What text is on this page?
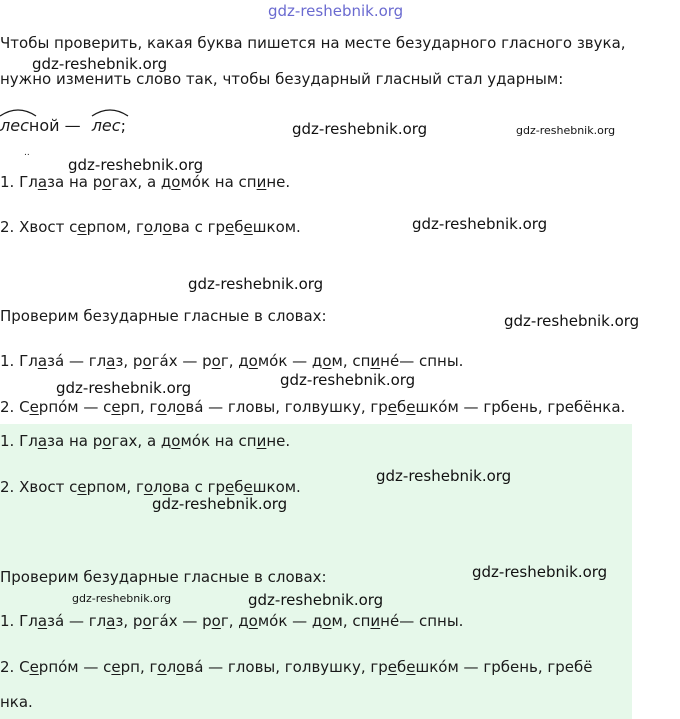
gdz-reshebnik.org
Чтобы проверить, какая буква пишется на месте безударного гласного звука,
gdz-reshebnik.org
нужно изменить слово так, чтобы безударный гласный стал ударным:
лесной — лес;	gdz-reshebnik.org	gdz-reshebnik.org
..
gdz-reshebnik.org
1. Глаза на рогах, а домо́к на спине.
2. Хвост серпом, голова с гребешком.	gdz-reshebnik.org
gdz-reshebnik.org
Проверим безударные гласные в словах:	gdz-reshebnik.org
1. Глаза́ — глаз, рога́х — рог, домо́к — дом, спинé— спны.
gdz-reshebnik.org
gdz-reshebnik.org
2. Серпо́м — серп, голова́ — гловы, голвушку, гребешко́м — грбень, гребёнка.
1. Глаза на рогах, а домо́к на спине.
gdz-reshebnik.org
2. Хвост серпом, голова с гребешком.
gdz-reshebnik.org
gdz-reshebnik.org
Проверим безударные гласные в словах:
gdz-reshebnik.org	gdz-reshebnik.org
1. Глаза́ — глаз, рога́х — рог, домо́к — дом, спинé— спны.
2. Серпо́м — серп, голова́ — гловы, голвушку, гребешко́м — грбень, гребё
нка.
